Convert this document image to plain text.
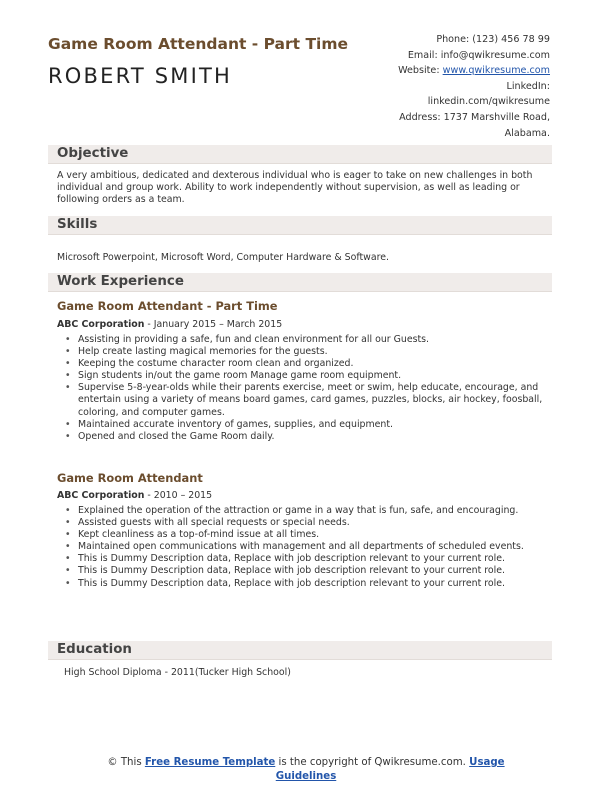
Game Room Attendant - Part Time
ROBERT SMITH
Phone: (123) 456 78 99
Email: info@qwikresume.com
Website: www.qwikresume.com
LinkedIn:
linkedin.com/qwikresume
Address: 1737 Marshville Road,
Alabama.
Objective
A very ambitious, dedicated and dexterous individual who is eager to take on new challenges in both individual and group work. Ability to work independently without supervision, as well as leading or following orders as a team.
Skills
Microsoft Powerpoint, Microsoft Word, Computer Hardware & Software.
Work Experience
Game Room Attendant - Part Time
ABC Corporation - January 2015 – March 2015
• Assisting in providing a safe, fun and clean environment for all our Guests.
• Help create lasting magical memories for the guests.
• Keeping the costume character room clean and organized.
• Sign students in/out the game room Manage game room equipment.
• Supervise 5-8-year-olds while their parents exercise, meet or swim, help educate, encourage, and entertain using a variety of means board games, card games, puzzles, blocks, air hockey, foosball, coloring, and computer games.
• Maintained accurate inventory of games, supplies, and equipment.
• Opened and closed the Game Room daily.
Game Room Attendant
ABC Corporation - 2010 – 2015
• Explained the operation of the attraction or game in a way that is fun, safe, and encouraging.
• Assisted guests with all special requests or special needs.
• Kept cleanliness as a top-of-mind issue at all times.
• Maintained open communications with management and all departments of scheduled events.
• This is Dummy Description data, Replace with job description relevant to your current role.
• This is Dummy Description data, Replace with job description relevant to your current role.
• This is Dummy Description data, Replace with job description relevant to your current role.
Education
High School Diploma - 2011(Tucker High School)
© This Free Resume Template is the copyright of Qwikresume.com. Usage
Guidelines
